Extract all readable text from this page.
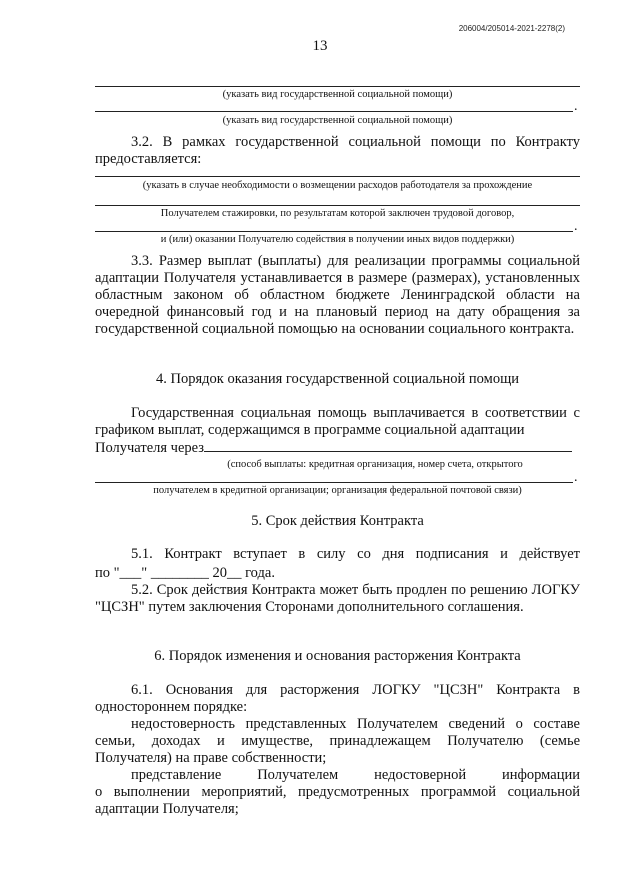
206004/205014-2021-2278(2)
13
(указать вид государственной социальной помощи)
.
(указать вид государственной социальной помощи)
3.2. В рамках государственной социальной помощи по Контракту предоставляется:
(указать в случае необходимости о возмещении расходов работодателя за прохождение
Получателем стажировки, по результатам которой заключен трудовой договор,
.
и (или) оказании Получателю содействия в получении иных видов поддержки)
3.3. Размер выплат (выплаты) для реализации программы социальной адаптации Получателя устанавливается в размере (размерах), установленных областным законом об областном бюджете Ленинградской области на очередной финансовый год и на плановый период на дату обращения за государственной социальной помощью на основании социального контракта.
4. Порядок оказания государственной социальной помощи
Государственная социальная помощь выплачивается в соответствии с графиком выплат, содержащимся в программе социальной адаптации
Получателя через
(способ выплаты: кредитная организация, номер счета, открытого
.
получателем в кредитной организации; организация федеральной почтовой связи)
5. Срок действия Контракта
5.1. Контракт вступает в силу со дня подписания и действует
по "___" ________ 20__ года.
5.2. Срок действия Контракта может быть продлен по решению ЛОГКУ "ЦСЗН" путем заключения Сторонами дополнительного соглашения.
6. Порядок изменения и основания расторжения Контракта
6.1. Основания для расторжения ЛОГКУ "ЦСЗН" Контракта в одностороннем порядке:
недостоверность представленных Получателем сведений о составе семьи, доходах и имуществе, принадлежащем Получателю (семье Получателя) на праве собственности;
представление Получателем недостоверной информации
о выполнении мероприятий, предусмотренных программой социальной адаптации Получателя;
